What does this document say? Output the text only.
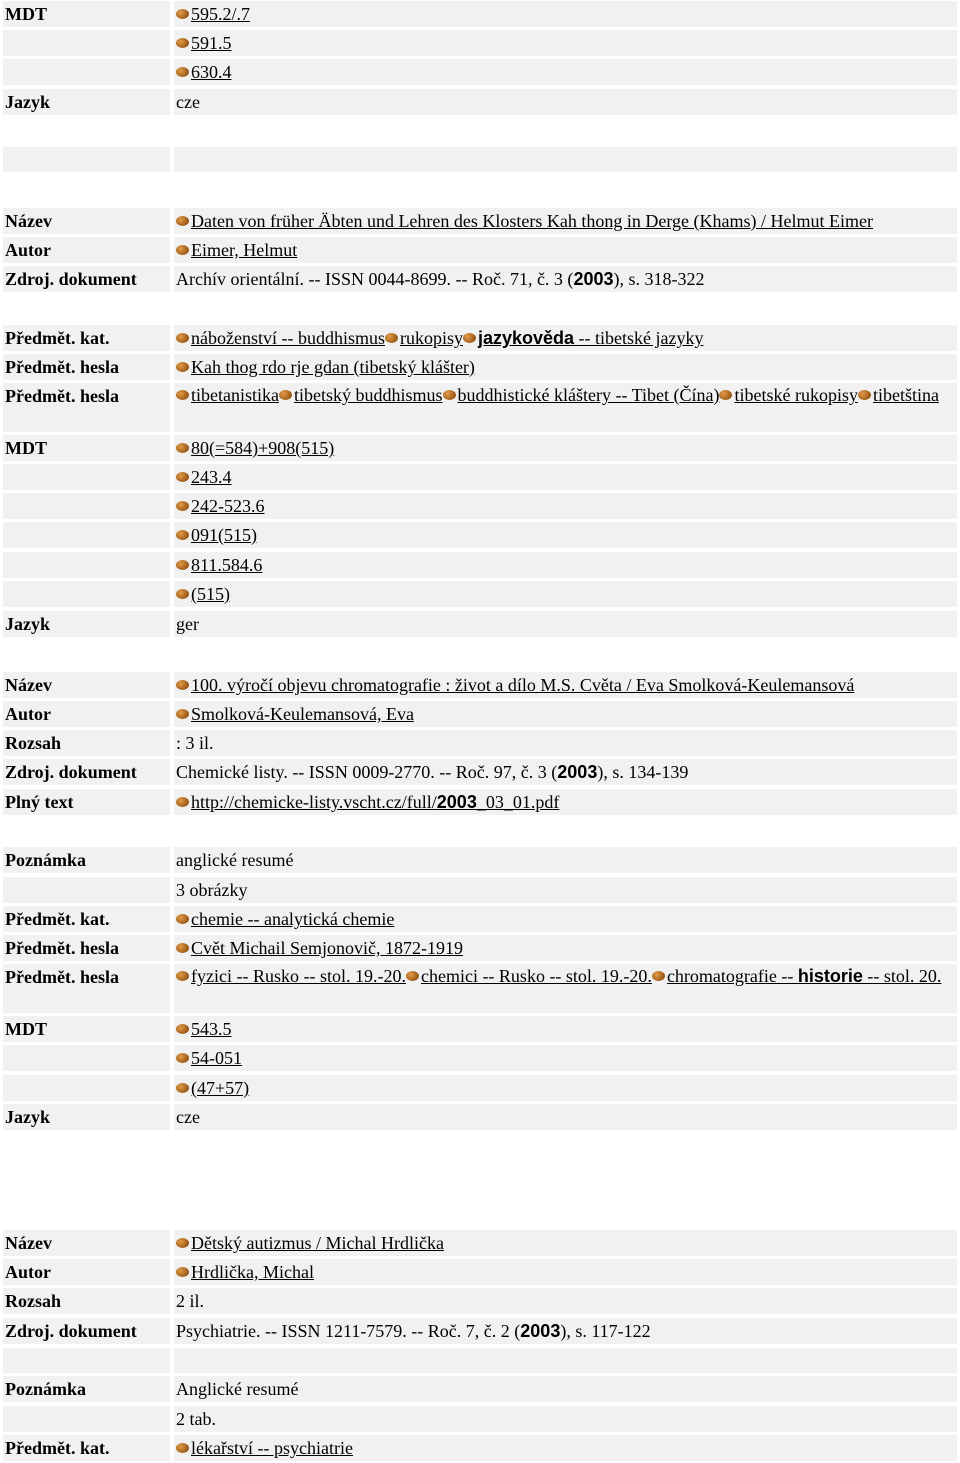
MDT	595.2/.7
591.5
630.4
Jazyk	cze
Název	Daten von früher Äbten und Lehren des Klosters Kah thong in Derge (Khams) / Helmut Eimer
Autor	Eimer, Helmut
Zdroj. dokument	Archív orientální. -- ISSN 0044-8699. -- Roč. 71, č. 3 (2003), s. 318-322
Předmět. kat.	náboženství -- buddhismus rukopisy jazykověda -- tibetské jazyky
Předmět. hesla	Kah thog rdo rje gdan (tibetský klášter)
Předmět. hesla	tibetanistika tibetský buddhismus buddhistické kláštery -- Tibet (Čína) tibetské rukopisy tibetština
MDT	80(=584)+908(515)
243.4
242-523.6
091(515)
811.584.6
(515)
Jazyk	ger
Název	100. výročí objevu chromatografie : život a dílo M.S. Cvěta / Eva Smolková-Keulemansová
Autor	Smolková-Keulemansová, Eva
Rozsah	: 3 il.
Zdroj. dokument	Chemické listy. -- ISSN 0009-2770. -- Roč. 97, č. 3 (2003), s. 134-139
Plný text	http://chemicke-listy.vscht.cz/full/2003_03_01.pdf
Poznámka	anglické resumé
3 obrázky
Předmět. kat.	chemie -- analytická chemie
Předmět. hesla	Cvět Michail Semjonovič, 1872-1919
Předmět. hesla	fyzici -- Rusko -- stol. 19.-20. chemici -- Rusko -- stol. 19.-20. chromatografie -- historie -- stol. 20.
MDT	543.5
54-051
(47+57)
Jazyk	cze
Název	Dětský autizmus / Michal Hrdlička
Autor	Hrdlička, Michal
Rozsah	2 il.
Zdroj. dokument	Psychiatrie. -- ISSN 1211-7579. -- Roč. 7, č. 2 (2003), s. 117-122
Poznámka	Anglické resumé
2 tab.
Předmět. kat.	lékařství -- psychiatrie
